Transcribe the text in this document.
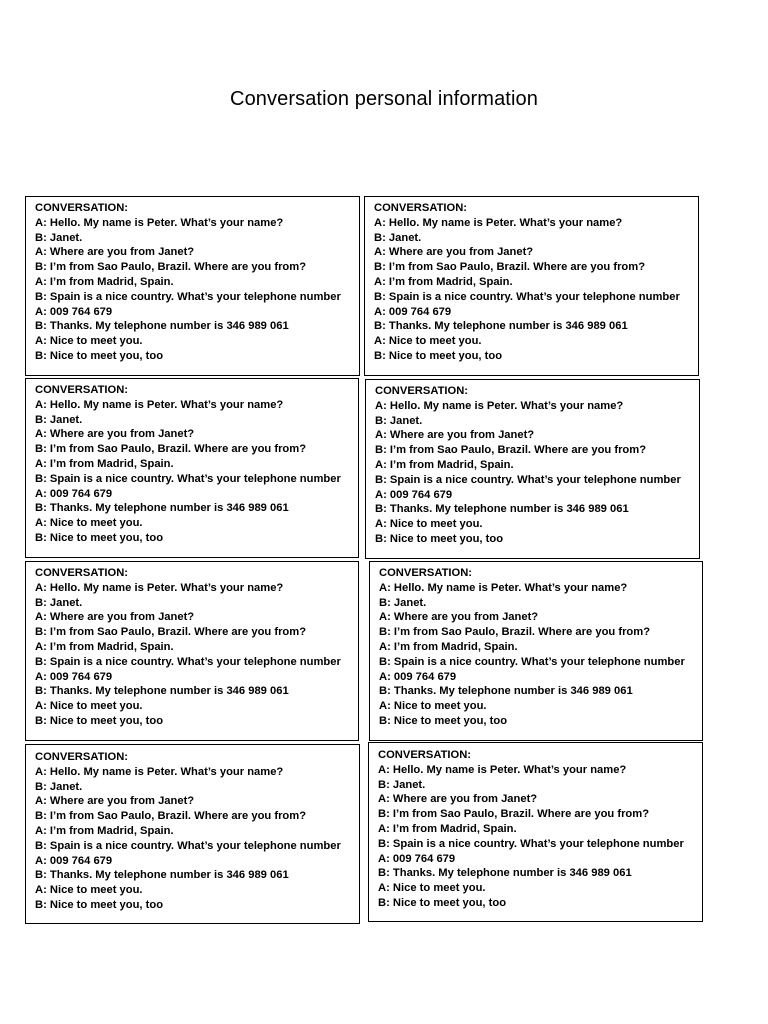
Conversation personal information
CONVERSATION:
A: Hello. My name is Peter. What’s your name?
B: Janet.
A: Where are you from Janet?
B: I’m from Sao Paulo, Brazil. Where are you from?
A: I’m from Madrid, Spain.
B: Spain is a nice country. What’s your telephone number
A: 009 764 679
B: Thanks. My telephone number is 346 989 061
A: Nice to meet you.
B: Nice to meet you, too
CONVERSATION:
A: Hello. My name is Peter. What’s your name?
B: Janet.
A: Where are you from Janet?
B: I’m from Sao Paulo, Brazil. Where are you from?
A: I’m from Madrid, Spain.
B: Spain is a nice country. What’s your telephone number
A: 009 764 679
B: Thanks. My telephone number is 346 989 061
A: Nice to meet you.
B: Nice to meet you, too
CONVERSATION:
A: Hello. My name is Peter. What’s your name?
B: Janet.
A: Where are you from Janet?
B: I’m from Sao Paulo, Brazil. Where are you from?
A: I’m from Madrid, Spain.
B: Spain is a nice country. What’s your telephone number
A: 009 764 679
B: Thanks. My telephone number is 346 989 061
A: Nice to meet you.
B: Nice to meet you, too
CONVERSATION:
A: Hello. My name is Peter. What’s your name?
B: Janet.
A: Where are you from Janet?
B: I’m from Sao Paulo, Brazil. Where are you from?
A: I’m from Madrid, Spain.
B: Spain is a nice country. What’s your telephone number
A: 009 764 679
B: Thanks. My telephone number is 346 989 061
A: Nice to meet you.
B: Nice to meet you, too
CONVERSATION:
A: Hello. My name is Peter. What’s your name?
B: Janet.
A: Where are you from Janet?
B: I’m from Sao Paulo, Brazil. Where are you from?
A: I’m from Madrid, Spain.
B: Spain is a nice country. What’s your telephone number
A: 009 764 679
B: Thanks. My telephone number is 346 989 061
A: Nice to meet you.
B: Nice to meet you, too
CONVERSATION:
A: Hello. My name is Peter. What’s your name?
B: Janet.
A: Where are you from Janet?
B: I’m from Sao Paulo, Brazil. Where are you from?
A: I’m from Madrid, Spain.
B: Spain is a nice country. What’s your telephone number
A: 009 764 679
B: Thanks. My telephone number is 346 989 061
A: Nice to meet you.
B: Nice to meet you, too
CONVERSATION:
A: Hello. My name is Peter. What’s your name?
B: Janet.
A: Where are you from Janet?
B: I’m from Sao Paulo, Brazil. Where are you from?
A: I’m from Madrid, Spain.
B: Spain is a nice country. What’s your telephone number
A: 009 764 679
B: Thanks. My telephone number is 346 989 061
A: Nice to meet you.
B: Nice to meet you, too
CONVERSATION:
A: Hello. My name is Peter. What’s your name?
B: Janet.
A: Where are you from Janet?
B: I’m from Sao Paulo, Brazil. Where are you from?
A: I’m from Madrid, Spain.
B: Spain is a nice country. What’s your telephone number
A: 009 764 679
B: Thanks. My telephone number is 346 989 061
A: Nice to meet you.
B: Nice to meet you, too
